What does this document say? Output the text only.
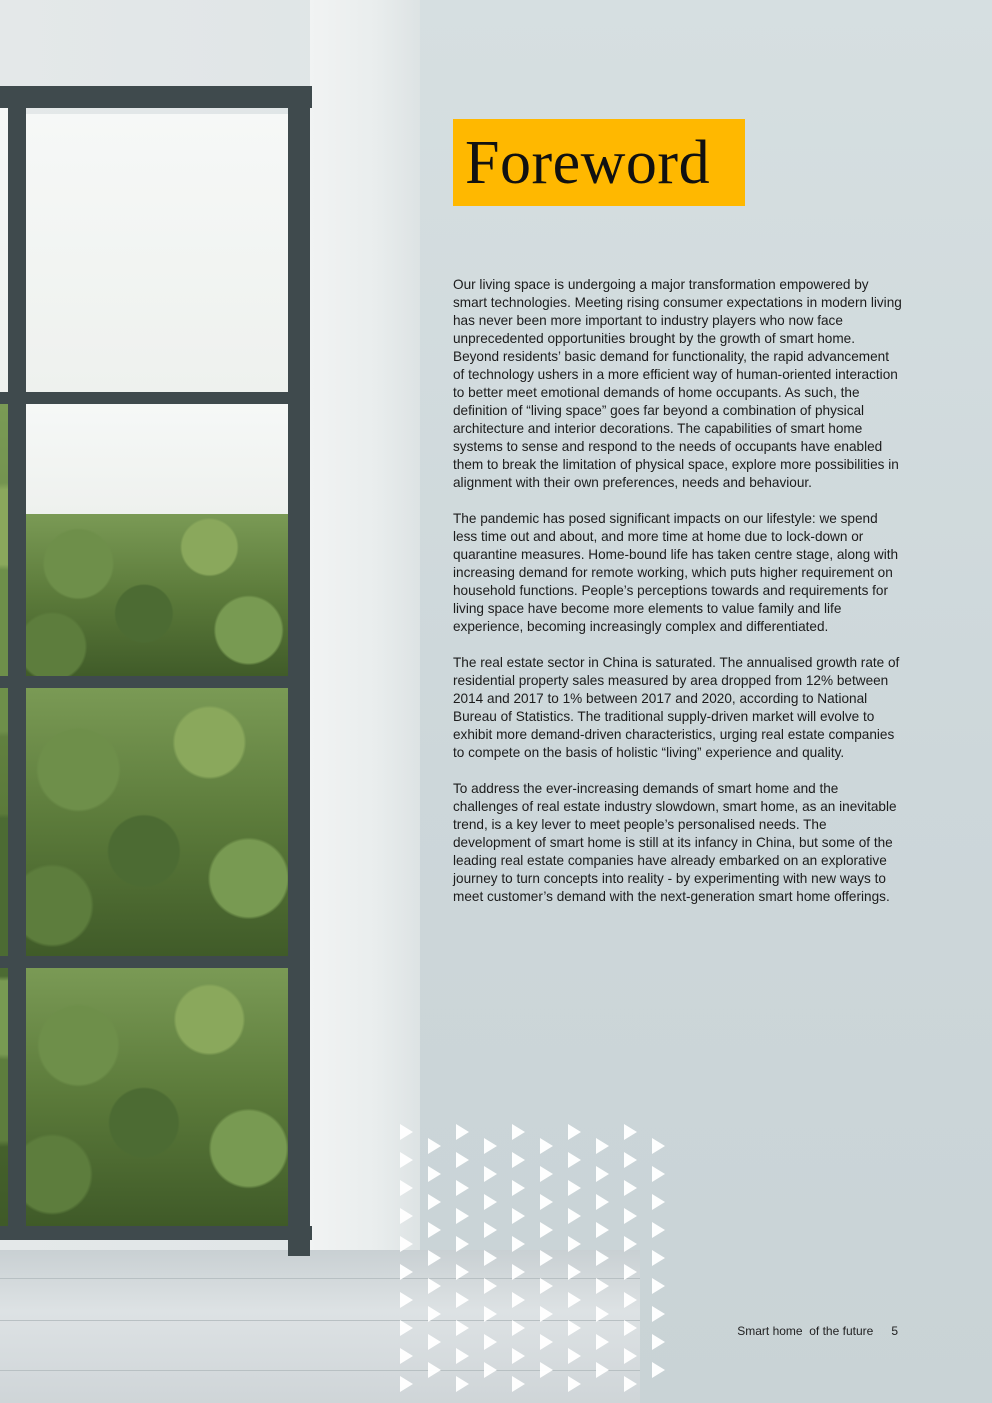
Foreword

Our living space is undergoing a major transformation empowered by smart technologies. Meeting rising consumer expectations in modern living has never been more important to industry players who now face unprecedented opportunities brought by the growth of smart home. Beyond residents’ basic demand for functionality, the rapid advancement of technology ushers in a more efficient way of human-oriented interaction to better meet emotional demands of home occupants. As such, the definition of “living space” goes far beyond a combination of physical architecture and interior decorations. The capabilities of smart home systems to sense and respond to the needs of occupants have enabled them to break the limitation of physical space, explore more possibilities in alignment with their own preferences, needs and behaviour.

The pandemic has posed significant impacts on our lifestyle: we spend less time out and about, and more time at home due to lock-down or quarantine measures. Home-bound life has taken centre stage, along with increasing demand for remote working, which puts higher requirement on household functions. People’s perceptions towards and requirements for living space have become more elements to value family and life experience, becoming increasingly complex and differentiated.

The real estate sector in China is saturated. The annualised growth rate of residential property sales measured by area dropped from 12% between 2014 and 2017 to 1% between 2017 and 2020, according to National Bureau of Statistics. The traditional supply-driven market will evolve to exhibit more demand-driven characteristics, urging real estate companies to compete on the basis of holistic “living” experience and quality.

To address the ever-increasing demands of smart home and the challenges of real estate industry slowdown, smart home, as an inevitable trend, is a key lever to meet people’s personalised needs. The development of smart home is still at its infancy in China, but some of the leading real estate companies have already embarked on an explorative journey to turn concepts into reality - by experimenting with new ways to meet customer’s demand with the next-generation smart home offerings.

Smart home  of the future 5
